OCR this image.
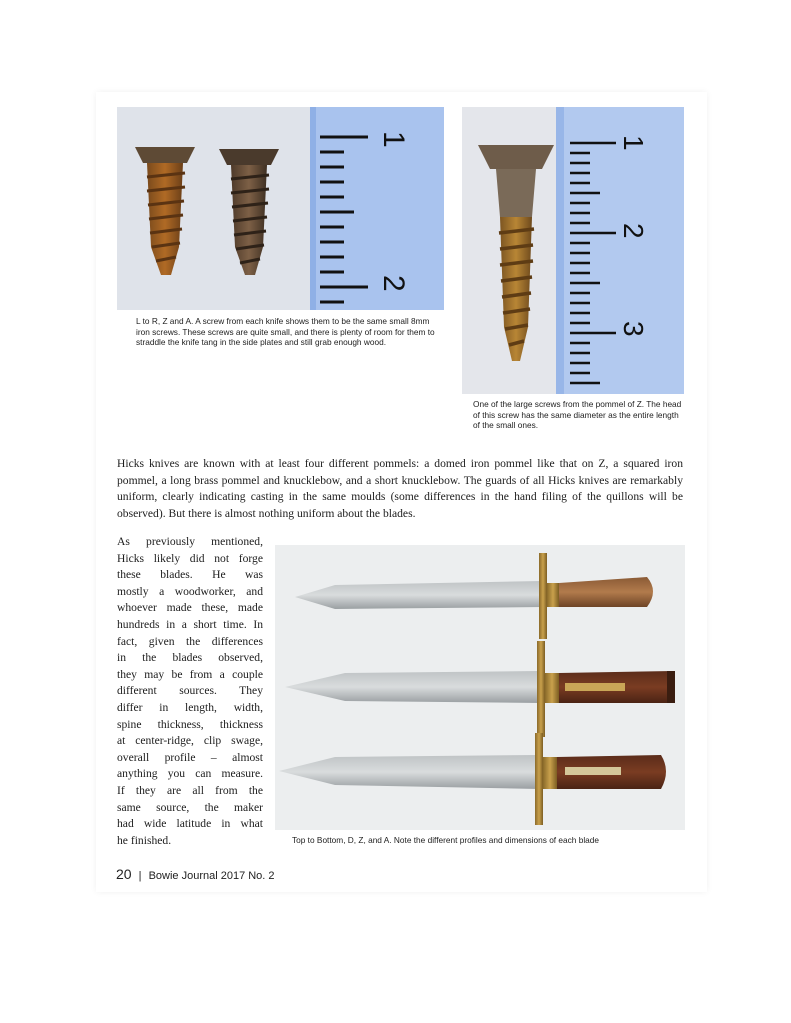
1
2
L to R, Z and A. A screw from each knife shows them to be the same small 8mm iron screws. These screws are quite small, and there is plenty of room for them to straddle the knife tang in the side plates and still grab enough wood.
1
2
3
One of the large screws from the pommel of Z. The head of this screw has the same diameter as the entire length of the small ones.
Hicks knives are known with at least four different pommels: a domed iron pommel like that on Z, a squared iron pommel, a long brass pommel and knucklebow, and a short knucklebow. The guards of all Hicks knives are remarkably uniform, clearly indicating casting in the same moulds (some differences in the hand filing of the quillons will be observed). But there is almost nothing uniform about the blades.
As previously mentioned,
Hicks likely did not forge
these blades. He was
mostly a woodworker, and
whoever made these, made
hundreds in a short time. In
fact, given the differences
in the blades observed,
they may be from a couple
different sources. They
differ in length, width,
spine thickness, thickness
at center-ridge, clip swage,
overall profile – almost
anything you can measure.
If they are all from the
same source, the maker
had wide latitude in what
he finished.	Top to Bottom, D, Z, and A. Note the different profiles and dimensions of each blade
20 | Bowie Journal 2017 No. 2
